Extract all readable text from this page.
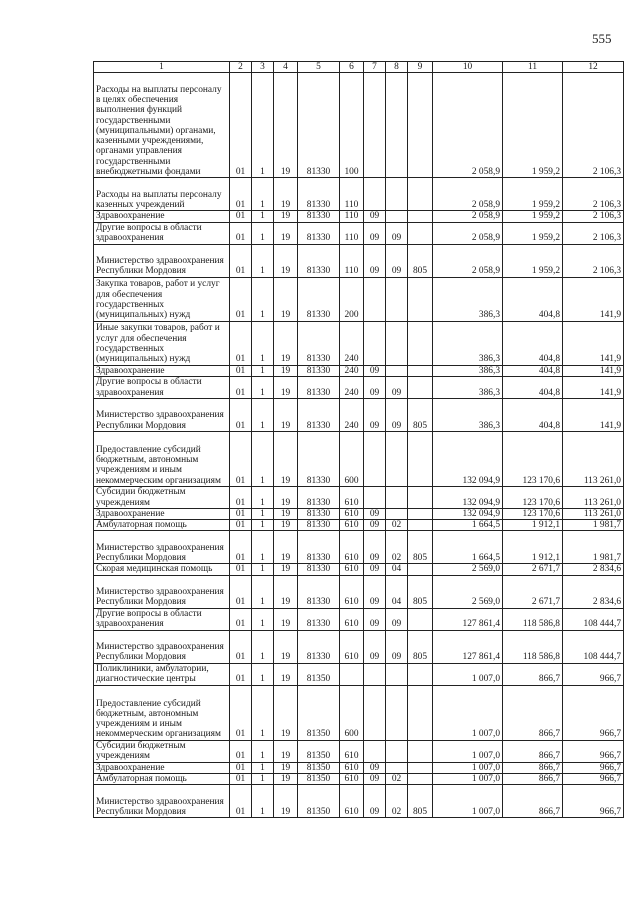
555
1	2	3	4	5	6	7	8	9	10	11	12
Расходы на выплаты персоналу в целях обеспечения выполнения функций государственными (муниципальными) органами, казенными учреждениями, органами управления государственными внебюджетными фондами	01	1	19	81330	100				2 058,9	1 959,2	2 106,3
Расходы на выплаты персоналу казенных учреждений	01	1	19	81330	110				2 058,9	1 959,2	2 106,3
Здравоохранение	01	1	19	81330	110	09			2 058,9	1 959,2	2 106,3
Другие вопросы в области здравоохранения	01	1	19	81330	110	09	09		2 058,9	1 959,2	2 106,3
Министерство здравоохранения Республики Мордовия	01	1	19	81330	110	09	09	805	2 058,9	1 959,2	2 106,3
Закупка товаров, работ и услуг для обеспечения государственных (муниципальных) нужд	01	1	19	81330	200				386,3	404,8	141,9
Иные закупки товаров, работ и услуг для обеспечения государственных (муниципальных) нужд	01	1	19	81330	240				386,3	404,8	141,9
Здравоохранение	01	1	19	81330	240	09			386,3	404,8	141,9
Другие вопросы в области здравоохранения	01	1	19	81330	240	09	09		386,3	404,8	141,9
Министерство здравоохранения Республики Мордовия	01	1	19	81330	240	09	09	805	386,3	404,8	141,9
Предоставление субсидий бюджетным, автономным учреждениям и иным некоммерческим организациям	01	1	19	81330	600				132 094,9	123 170,6	113 261,0
Субсидии бюджетным учреждениям	01	1	19	81330	610				132 094,9	123 170,6	113 261,0
Здравоохранение	01	1	19	81330	610	09			132 094,9	123 170,6	113 261,0
Амбулаторная помощь	01	1	19	81330	610	09	02		1 664,5	1 912,1	1 981,7
Министерство здравоохранения Республики Мордовия	01	1	19	81330	610	09	02	805	1 664,5	1 912,1	1 981,7
Скорая медицинская помощь	01	1	19	81330	610	09	04		2 569,0	2 671,7	2 834,6
Министерство здравоохранения Республики Мордовия	01	1	19	81330	610	09	04	805	2 569,0	2 671,7	2 834,6
Другие вопросы в области здравоохранения	01	1	19	81330	610	09	09		127 861,4	118 586,8	108 444,7
Министерство здравоохранения Республики Мордовия	01	1	19	81330	610	09	09	805	127 861,4	118 586,8	108 444,7
Поликлиники, амбулатории, диагностические центры	01	1	19	81350					1 007,0	866,7	966,7
Предоставление субсидий бюджетным, автономным учреждениям и иным некоммерческим организациям	01	1	19	81350	600				1 007,0	866,7	966,7
Субсидии бюджетным учреждениям	01	1	19	81350	610				1 007,0	866,7	966,7
Здравоохранение	01	1	19	81350	610	09			1 007,0	866,7	966,7
Амбулаторная помощь	01	1	19	81350	610	09	02		1 007,0	866,7	966,7
Министерство здравоохранения Республики Мордовия	01	1	19	81350	610	09	02	805	1 007,0	866,7	966,7
